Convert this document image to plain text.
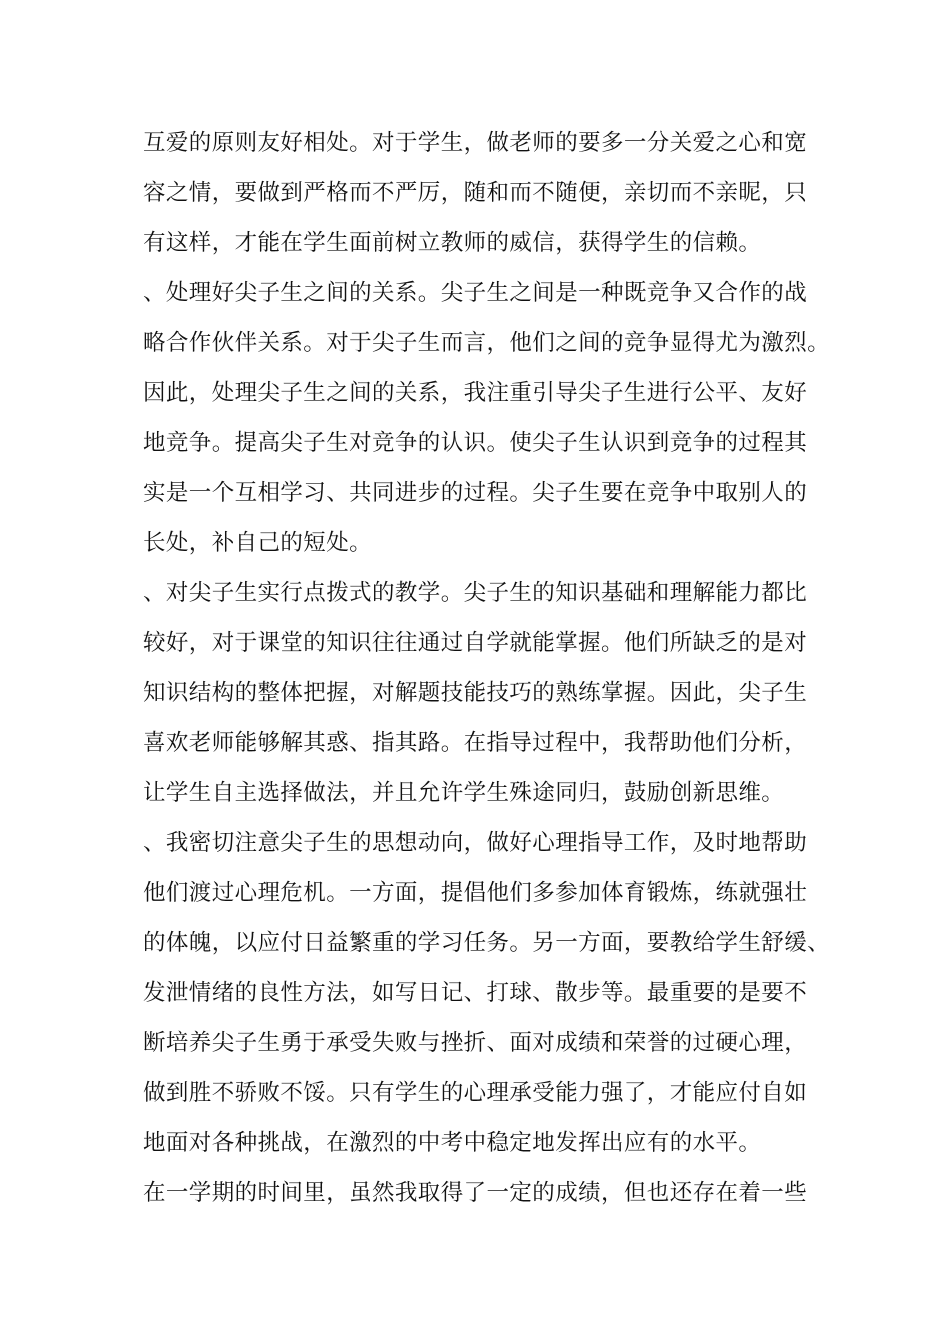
互爱的原则友好相处。对于学生，做老师的要多一分关爱之心和宽
容之情，要做到严格而不严厉，随和而不随便，亲切而不亲昵，只
有这样，才能在学生面前树立教师的威信，获得学生的信赖。
、处理好尖子生之间的关系。尖子生之间是一种既竞争又合作的战
略合作伙伴关系。对于尖子生而言，他们之间的竞争显得尤为激烈。
因此，处理尖子生之间的关系，我注重引导尖子生进行公平、友好
地竞争。提高尖子生对竞争的认识。使尖子生认识到竞争的过程其
实是一个互相学习、共同进步的过程。尖子生要在竞争中取别人的
长处，补自己的短处。
、对尖子生实行点拨式的教学。尖子生的知识基础和理解能力都比
较好，对于课堂的知识往往通过自学就能掌握。他们所缺乏的是对
知识结构的整体把握，对解题技能技巧的熟练掌握。因此，尖子生
喜欢老师能够解其惑、指其路。在指导过程中，我帮助他们分析，
让学生自主选择做法，并且允许学生殊途同归，鼓励创新思维。
、我密切注意尖子生的思想动向，做好心理指导工作，及时地帮助
他们渡过心理危机。一方面，提倡他们多参加体育锻炼，练就强壮
的体魄，以应付日益繁重的学习任务。另一方面，要教给学生舒缓、
发泄情绪的良性方法，如写日记、打球、散步等。最重要的是要不
断培养尖子生勇于承受失败与挫折、面对成绩和荣誉的过硬心理，
做到胜不骄败不馁。只有学生的心理承受能力强了，才能应付自如
地面对各种挑战，在激烈的中考中稳定地发挥出应有的水平。
在一学期的时间里，虽然我取得了一定的成绩，但也还存在着一些
